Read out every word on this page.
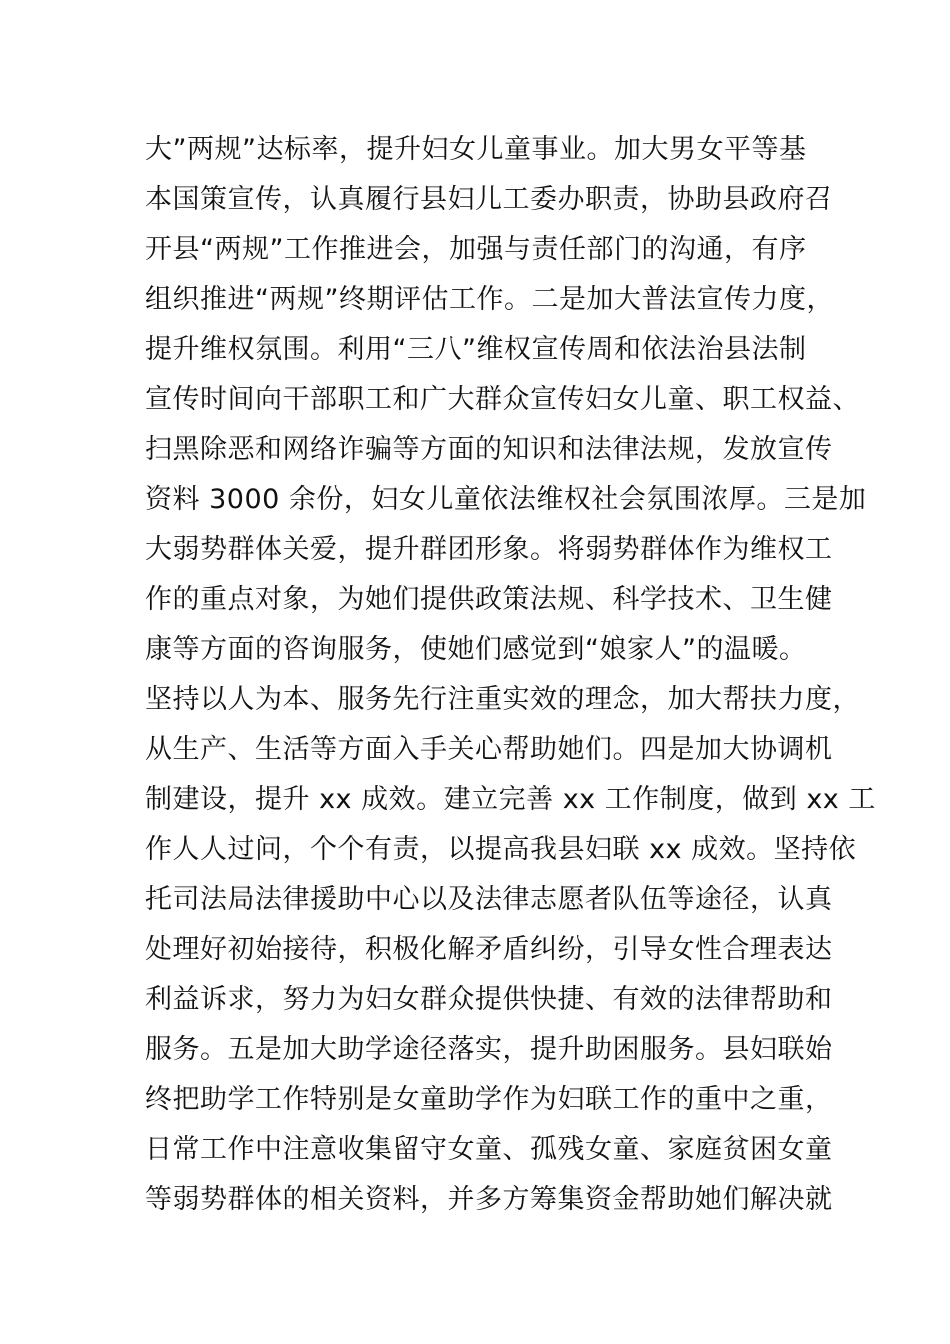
大”两规”达标率，提升妇女儿童事业。加大男女平等基
本国策宣传，认真履行县妇儿工委办职责，协助县政府召
开县“两规”工作推进会，加强与责任部门的沟通，有序
组织推进“两规”终期评估工作。二是加大普法宣传力度，
提升维权氛围。利用“三八”维权宣传周和依法治县法制
宣传时间向干部职工和广大群众宣传妇女儿童、职工权益、
扫黑除恶和网络诈骗等方面的知识和法律法规，发放宣传
资料 3000 余份，妇女儿童依法维权社会氛围浓厚。三是加
大弱势群体关爱，提升群团形象。将弱势群体作为维权工
作的重点对象，为她们提供政策法规、科学技术、卫生健
康等方面的咨询服务，使她们感觉到“娘家人”的温暖。
坚持以人为本、服务先行注重实效的理念，加大帮扶力度，
从生产、生活等方面入手关心帮助她们。四是加大协调机
制建设，提升 xx 成效。建立完善 xx 工作制度，做到 xx 工
作人人过问，个个有责，以提高我县妇联 xx 成效。坚持依
托司法局法律援助中心以及法律志愿者队伍等途径，认真
处理好初始接待，积极化解矛盾纠纷，引导女性合理表达
利益诉求，努力为妇女群众提供快捷、有效的法律帮助和
服务。五是加大助学途径落实，提升助困服务。县妇联始
终把助学工作特别是女童助学作为妇联工作的重中之重，
日常工作中注意收集留守女童、孤残女童、家庭贫困女童
等弱势群体的相关资料，并多方筹集资金帮助她们解决就
